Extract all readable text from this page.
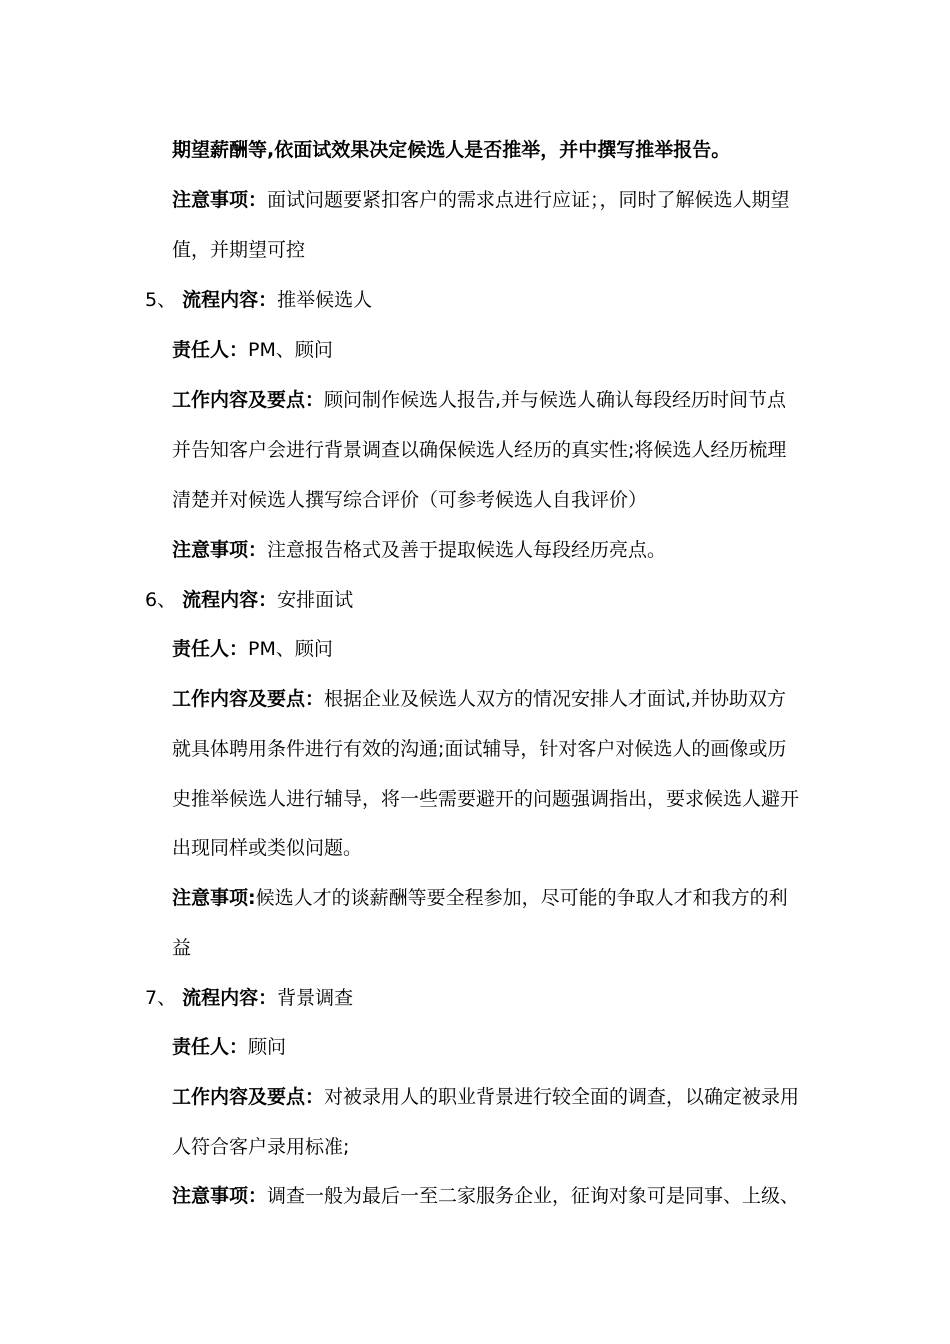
期望薪酬等,依面试效果决定候选人是否推举，并中撰写推举报告。
注意事项：面试问题要紧扣客户的需求点进行应证；，同时了解候选人期望
值，并期望可控
5、 流程内容：推举候选人
责任人：PM、顾问
工作内容及要点：顾问制作候选人报告,并与候选人确认每段经历时间节点
并告知客户会进行背景调查以确保候选人经历的真实性;将候选人经历梳理
清楚并对候选人撰写综合评价（可参考候选人自我评价）
注意事项：注意报告格式及善于提取候选人每段经历亮点。
6、 流程内容：安排面试
责任人：PM、顾问
工作内容及要点：根据企业及候选人双方的情况安排人才面试,并协助双方
就具体聘用条件进行有效的沟通;面试辅导，针对客户对候选人的画像或历
史推举候选人进行辅导，将一些需要避开的问题强调指出，要求候选人避开
出现同样或类似问题。
注意事项:候选人才的谈薪酬等要全程参加，尽可能的争取人才和我方的利
益
7、 流程内容：背景调查
责任人：顾问
工作内容及要点：对被录用人的职业背景进行较全面的调查，以确定被录用
人符合客户录用标准;
注意事项：调查一般为最后一至二家服务企业，征询对象可是同事、上级、
